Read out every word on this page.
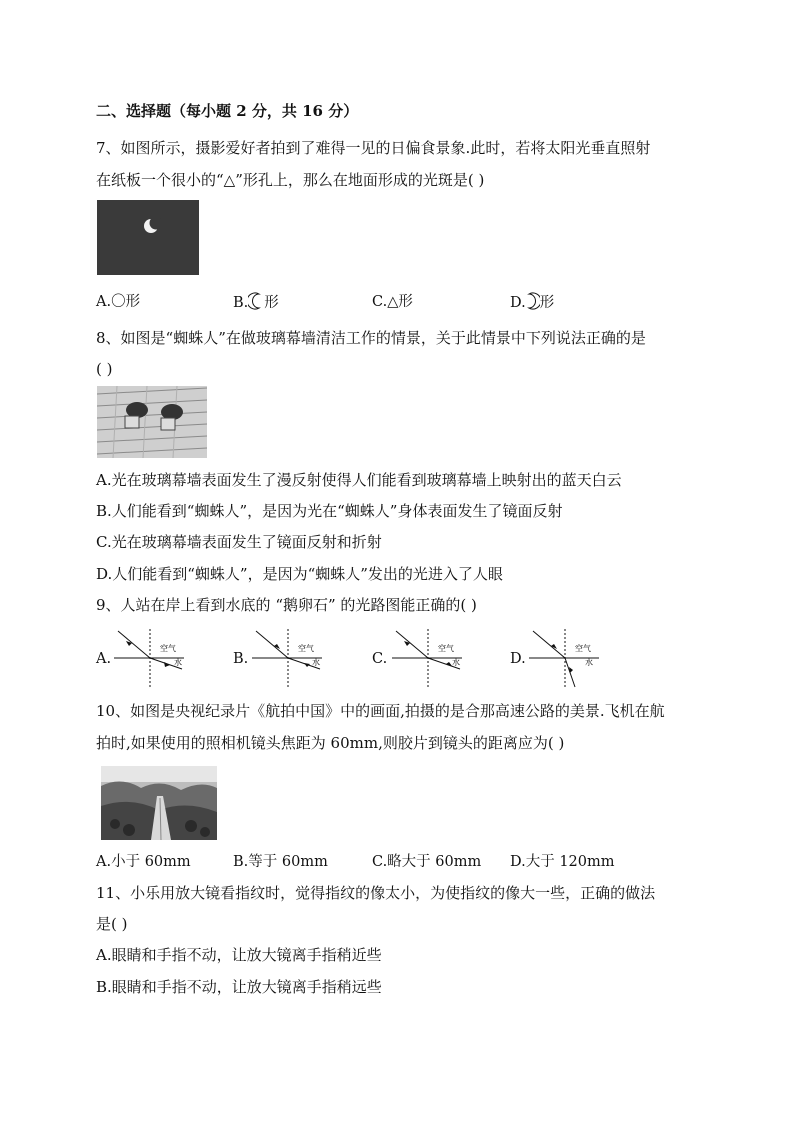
二、选择题（每小题 2 分，共 16 分）
7、如图所示，摄影爱好者拍到了难得一见的日偏食景象.此时，若将太阳光垂直照射
在纸板一个很小的“△”形孔上，那么在地面形成的光斑是( )
A.〇形	B. 形	C.△形	D. 形
8、如图是“蜘蛛人”在做玻璃幕墙清洁工作的情景，关于此情景中下列说法正确的是
( )
A.光在玻璃幕墙表面发生了漫反射使得人们能看到玻璃幕墙上映射出的蓝天白云
B.人们能看到“蜘蛛人”，是因为光在“蜘蛛人”身体表面发生了镜面反射
C.光在玻璃幕墙表面发生了镜面反射和折射
D.人们能看到“蜘蛛人”，是因为“蜘蛛人”发出的光进入了人眼
9、人站在岸上看到水底的 “鹅卵石” 的光路图能正确的( )
A.
空气
水	B.
空气
水	C.
空气
水	D.
空气
水
10、如图是央视纪录片《航拍中国》中的画面,拍摄的是合那高速公路的美景.飞机在航
拍时,如果使用的照相机镜头焦距为 60mm,则胶片到镜头的距离应为( )
A.小于 60mm	B.等于 60mm	C.略大于 60mm D.大于 120mm
11、小乐用放大镜看指纹时，觉得指纹的像太小，为使指纹的像大一些，正确的做法
是( )
A.眼睛和手指不动，让放大镜离手指稍近些
B.眼睛和手指不动，让放大镜离手指稍远些
